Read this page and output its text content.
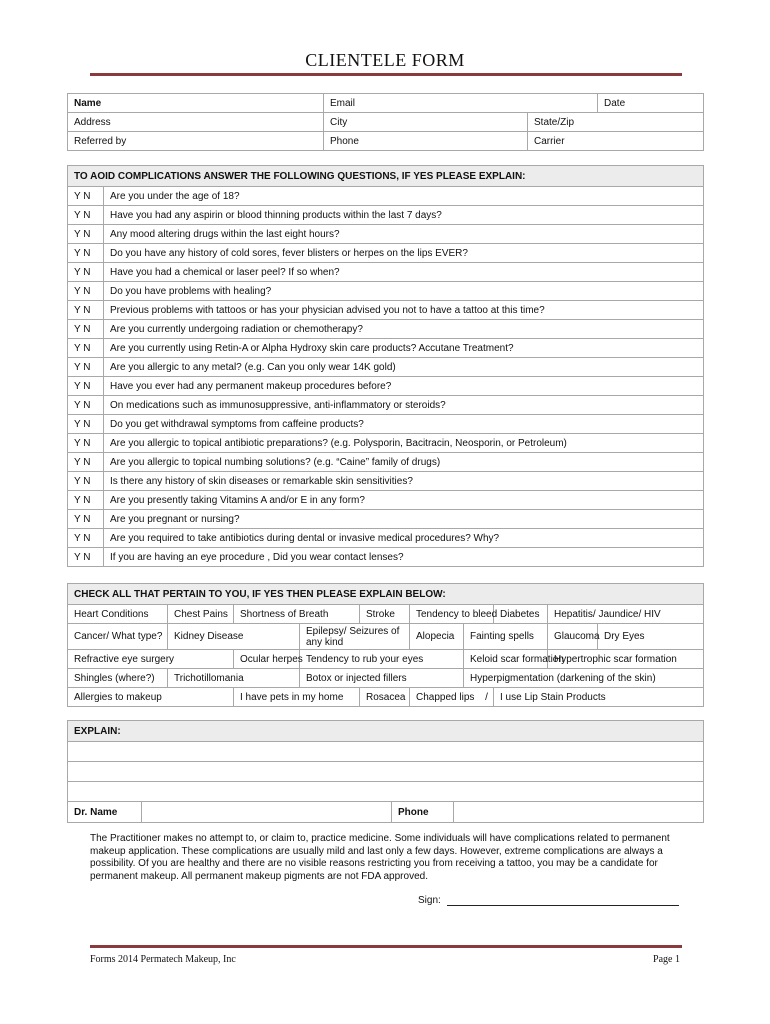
CLIENTELE FORM
Name	Email		Date
Address	City	State/Zip	
Referred by	Phone	Carrier	
TO AOID COMPLICATIONS ANSWER THE FOLLOWING QUESTIONS, IF YES PLEASE EXPLAIN:	
Y N	Are you under the age of 18?
Y N	Have you had any aspirin or blood thinning products within the last 7 days?
Y N	Any mood altering drugs within the last eight hours?
Y N	Do you have any history of cold sores, fever blisters or herpes on the lips EVER?
Y N	Have you had a chemical or laser peel? If so when?
Y N	Do you have problems with healing?
Y N	Previous problems with tattoos or has your physician advised you not to have a tattoo at this time?
Y N	Are you currently undergoing radiation or chemotherapy?
Y N	Are you currently using Retin-A or Alpha Hydroxy skin care products? Accutane Treatment?
Y N	Are you allergic to any metal? (e.g. Can you only wear 14K gold)
Y N	Have you ever had any permanent makeup procedures before?
Y N	On medications such as immunosuppressive, anti-inflammatory or steroids?
Y N	Do you get withdrawal symptoms from caffeine products?
Y N	Are you allergic to topical antibiotic preparations? (e.g. Polysporin, Bacitracin, Neosporin, or Petroleum)
Y N	Are you allergic to topical numbing solutions? (e.g. “Caine” family of drugs)
Y N	Is there any history of skin diseases or remarkable skin sensitivities?
Y N	Are you presently taking Vitamins A and/or E in any form?
Y N	Are you pregnant or nursing?
Y N	Are you required to take antibiotics during dental or invasive medical procedures? Why?
Y N	If you are having an eye procedure , Did you wear contact lenses?
CHECK ALL THAT PERTAIN TO YOU, IF YES THEN PLEASE EXPLAIN BELOW:									
Heart Conditions	Chest Pains	Shortness of Breath		Stroke	Tendency to bleed		Diabetes	Hepatitis/ Jaundice/ HIV	
Cancer/ What type?	Kidney Disease		Epilepsy/ Seizures of any kind		Alopecia	Fainting spells		Glaucoma	Dry Eyes
Refractive eye surgery		Ocular herpes	Tendency to rub your eyes			Keloid scar formation		Hypertrophic scar formation	
Shingles (where?)	Trichotillomania		Botox or injected fillers			Hyperpigmentation (darkening of the skin)			
Allergies to makeup		I have pets in my home		Rosacea	Chapped lips /		I use Lip Stain Products		
EXPLAIN:

Dr. Name		Phone	
The Practitioner makes no attempt to, or claim to, practice medicine. Some individuals will have complications related to permanent makeup application. These complications are usually mild and last only a few days. However, extreme complications are always a possibility. Of you are healthy and there are no visible reasons restricting you from receiving a tattoo, you may be a candidate for permanent makeup. All permanent makeup pigments are not FDA approved.
Sign:
Forms 2014 Permatech Makeup, Inc	Page 1
